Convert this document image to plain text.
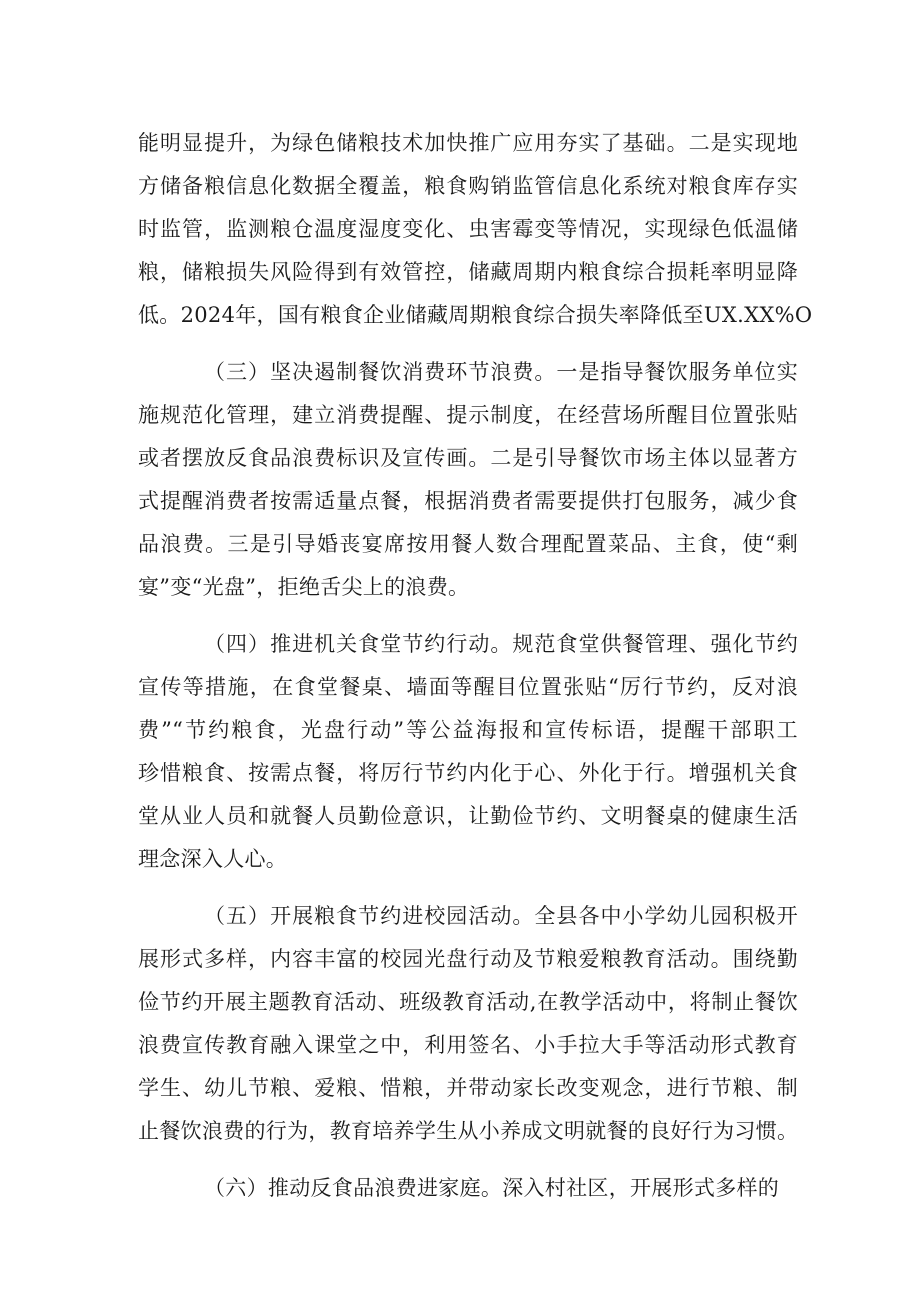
能明显提升，为绿色储粮技术加快推广应用夯实了基础。二是实现地
方储备粮信息化数据全覆盖，粮食购销监管信息化系统对粮食库存实
时监管，监测粮仓温度湿度变化、虫害霉变等情况，实现绿色低温储
粮，储粮损失风险得到有效管控，储藏周期内粮食综合损耗率明显降
低。2024年，国有粮食企业储藏周期粮食综合损失率降低至UX.XX%O
（三）坚决遏制餐饮消费环节浪费。一是指导餐饮服务单位实
施规范化管理，建立消费提醒、提示制度，在经营场所醒目位置张贴
或者摆放反食品浪费标识及宣传画。二是引导餐饮市场主体以显著方
式提醒消费者按需适量点餐，根据消费者需要提供打包服务，减少食
品浪费。三是引导婚丧宴席按用餐人数合理配置菜品、主食，使“剩
宴”变“光盘”，拒绝舌尖上的浪费。
（四）推进机关食堂节约行动。规范食堂供餐管理、强化节约
宣传等措施，在食堂餐桌、墙面等醒目位置张贴“厉行节约，反对浪
费”“节约粮食，光盘行动”等公益海报和宣传标语，提醒干部职工
珍惜粮食、按需点餐，将厉行节约内化于心、外化于行。增强机关食
堂从业人员和就餐人员勤俭意识，让勤俭节约、文明餐桌的健康生活
理念深入人心。
（五）开展粮食节约进校园活动。全县各中小学幼儿园积极开
展形式多样，内容丰富的校园光盘行动及节粮爱粮教育活动。围绕勤
俭节约开展主题教育活动、班级教育活动,在教学活动中，将制止餐饮
浪费宣传教育融入课堂之中，利用签名、小手拉大手等活动形式教育
学生、幼儿节粮、爱粮、惜粮，并带动家长改变观念，进行节粮、制
止餐饮浪费的行为，教育培养学生从小养成文明就餐的良好行为习惯。
（六）推动反食品浪费进家庭。深入村社区，开展形式多样的
